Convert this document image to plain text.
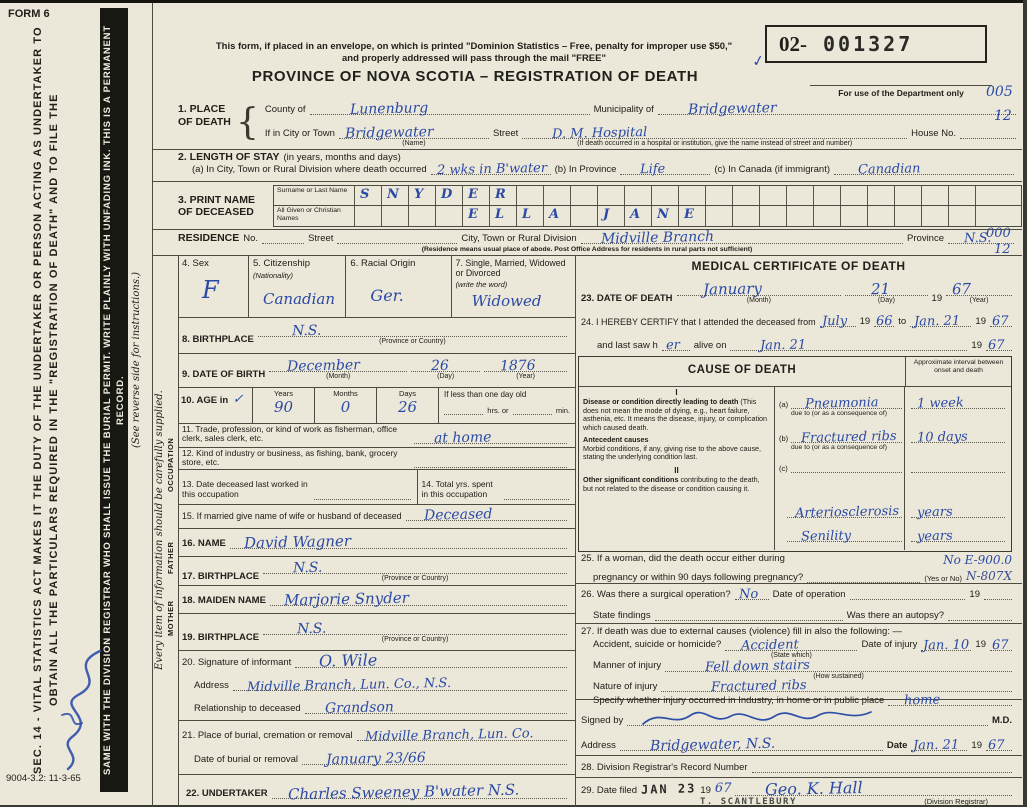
FORM 6
SEC. 14 - VITAL STATISTICS ACT MAKES IT THE DUTY OF THE UNDERTAKER OR PERSON ACTING AS UNDERTAKER TO OBTAIN ALL THE PARTICULARS REQUIRED IN THE "REGISTRATION OF DEATH" AND TO FILE THE	SAME WITH THE DIVISION REGISTRAR WHO SHALL ISSUE THE BURIAL PERMIT. WRITE PLAINLY WITH UNFADING INK. THIS IS A PERMANENT RECORD. (See reverse side for instructions.)
Every item of information should be carefully supplied.
9004-3.2: 11-3-65
This form, if placed in an envelope, on which is printed "Dominion Statistics – Free, penalty for improper use $50," and properly addressed will pass through the mail "FREE"
PROVINCE OF NOVA SCOTIA – REGISTRATION OF DEATH
02- 001327
✓
For use of the Department only	005
12
000
12
1. PLACE OF DEATH { County of	Lunenburg	Municipality of Bridgewater
If in City or Town Bridgewater
(Name)
Street	D. M. Hospital
(If death occurred in a hospital or institution, give the name instead of street and number)
House No.
2. LENGTH OF STAY (in years, months and days)
(a) In City, Town or Rural Division where death occurred 2 wks in B'water (b) In Province Life	(c) In Canada (if immigrant) Canadian
3. PRINT NAME
OF DECEASED
Surname or Last Name S N Y D E R
All Given or Christian Names	E L L A	J A N E
RESIDENCE No.	Street	City, Town or Rural Division Midville Branch	Province N.S.
(Residence means usual place of abode. Post Office Address for residents in rural parts not sufficient)
OCCUPATION
FATHER
MOTHER
4. Sex
F
5. Citizenship
(Nationality)
Canadian
6. Racial Origin
Ger.
7. Single, Married, Widowed or Divorced
(write the word)
Widowed
8. BIRTHPLACE
N.S.
(Province or Country)
9. DATE OF BIRTH December
(Month)
26
(Day)
1876
(Year)
10. AGE in ✓	Years
90
Months
0
Days
26
If less than one day old
hrs. or	min.
11. Trade, profession, or kind of work as fisherman, office clerk, sales clerk, etc.	at home
12. Kind of industry or business, as fishing, bank, grocery store, etc.
13. Date deceased last worked in this occupation
14. Total yrs. spent in this occupation
15. If married give name of wife or husband of deceased Deceased
16. NAME David Wagner
17. BIRTHPLACE
N.S.
(Province or Country)
18. MAIDEN NAME Marjorie Snyder
19. BIRTHPLACE
N.S.
(Province or Country)
20. Signature of informant O. Wile
Address Midville Branch, Lun. Co., N.S.
Relationship to deceased Grandson
21. Place of burial, cremation or removal Midville Branch, Lun. Co.
Date of burial or removal January 23/66
22. UNDERTAKER Charles Sweeney B'water N.S.
MEDICAL CERTIFICATE OF DEATH
23. DATE OF DEATH January
(Month)
21
(Day)	19
67
(Year)
24. I HEREBY CERTIFY that I attended the deceased from July 19 66 to Jan. 21 19 67
and last saw h er alive on	Jan. 21	19 67
CAUSE OF DEATH
Approximate interval between onset and death
I
Disease or condition directly leading to death (This does not mean the mode of dying, e.g., heart failure, asthenia, etc. It means the disease, injury, or complication which caused death.
Antecedent causes
Morbid conditions, if any, giving rise to the above cause, stating the underlying condition last.
II
Other significant conditions contributing to the death, but not related to the disease or condition causing it.
(a) Pneumonia	1 week
due to (or as a consequence of)
(b) Fractured ribs 10 days
due to (or as a consequence of)
(c)
Arteriosclerosis years
Senility	years
25. If a woman, did the death occur either during	No E-900.0
pregnancy or within 90 days following pregnancy?	(Yes or No) N-807X
26. Was there a surgical operation? No Date of operation	19
State findings	Was there an autopsy?
27. If death was due to external causes (violence) fill in also the following: —
Accident, suicide or homicide? Accident
(State which)
Date of injury Jan. 10 19 67
Manner of injury	Fell down stairs
(How sustained)
Nature of injury	Fractured ribs
Specify whether injury occurred in Industry, in home or in public place home
Signed by	M.D.
Address Bridgewater, N.S.	Date Jan. 21 19 67
28. Division Registrar's Record Number
29. Date filed JAN 23 19 67 Geo. K. Hall
T. SCANTLEBURY	(Division Registrar)
